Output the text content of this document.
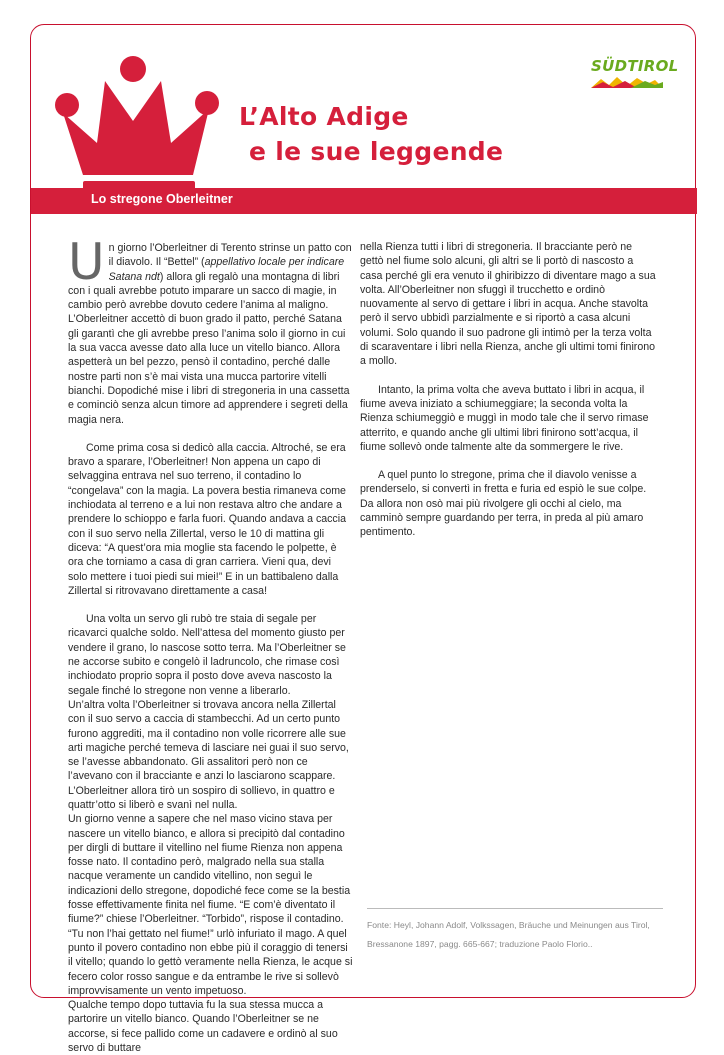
L’Alto Adige
e le sue leggende
SÜDTIROL
Lo stregone Oberleitner

Un giorno l’Oberleitner di Terento strinse un patto con il diavolo. Il “Bettel” (appellativo locale per indicare Satana ndt) allora gli regalò una montagna di libri con i quali avrebbe potuto imparare un sacco di magie, in cambio però avrebbe dovuto cedere l’anima al maligno.

L’Oberleitner accettò di buon grado il patto, perché Satana gli garantì che gli avrebbe preso l’anima solo il giorno in cui la sua vacca avesse dato alla luce un vitello bianco. Allora aspetterà un bel pezzo, pensò il contadino, perché dalle nostre parti non s’è mai vista una mucca partorire vitelli bianchi. Dopodiché mise i libri di stregoneria in una cassetta e cominciò senza alcun timore ad apprendere i segreti della magia nera.

Come prima cosa si dedicò alla caccia. Altroché, se era bravo a sparare, l’Oberleitner! Non appena un capo di selvaggina entrava nel suo terreno, il contadino lo “congelava” con la magia. La povera bestia rimaneva come inchiodata al terreno e a lui non restava altro che andare a prendere lo schioppo e farla fuori. Quando andava a caccia con il suo servo nella Zillertal, verso le 10 di mattina gli diceva: “A quest’ora mia moglie sta facendo le polpette, è ora che torniamo a casa di gran carriera. Vieni qua, devi solo mettere i tuoi piedi sui miei!” E in un battibaleno dalla Zillertal si ritrovavano direttamente a casa!

Una volta un servo gli rubò tre staia di segale per ricavarci qualche soldo. Nell’attesa del momento giusto per vendere il grano, lo nascose sotto terra. Ma l’Oberleitner se ne accorse subito e congelò il ladruncolo, che rimase così inchiodato proprio sopra il posto dove aveva nascosto la segale finché lo stregone non venne a liberarlo.

Un’altra volta l’Oberleitner si trovava ancora nella Zillertal con il suo servo a caccia di stambecchi. Ad un certo punto furono aggrediti, ma il contadino non volle ricorrere alle sue arti magiche perché temeva di lasciare nei guai il suo servo, se l’avesse abbandonato. Gli assalitori però non ce l’avevano con il bracciante e anzi lo lasciarono scappare. L’Oberleitner allora tirò un sospiro di sollievo, in quattro e quattr’otto si liberò e svanì nel nulla.

Un giorno venne a sapere che nel maso vicino stava per nascere un vitello bianco, e allora si precipitò dal contadino per dirgli di buttare il vitellino nel fiume Rienza non appena fosse nato. Il contadino però, malgrado nella sua stalla nacque veramente un candido vitellino, non seguì le indicazioni dello stregone, dopodiché fece come se la bestia fosse effettivamente finita nel fiume. “E com’è diventato il fiume?” chiese l’Oberleitner. “Torbido”, rispose il contadino. “Tu non l’hai gettato nel fiume!” urlò infuriato il mago. A quel punto il povero contadino non ebbe più il coraggio di tenersi il vitello; quando lo gettò veramente nella Rienza, le acque si fecero color rosso sangue e da entrambe le rive si sollevò improvvisamente un vento impetuoso.

Qualche tempo dopo tuttavia fu la sua stessa mucca a partorire un vitello bianco. Quando l’Oberleitner se ne accorse, si fece pallido come un cadavere e ordinò al suo servo di buttare

nella Rienza tutti i libri di stregoneria. Il bracciante però ne gettò nel fiume solo alcuni, gli altri se li portò di nascosto a casa perché gli era venuto il ghiribizzo di diventare mago a sua volta. All’Oberleitner non sfuggì il trucchetto e ordinò nuovamente al servo di gettare i libri in acqua. Anche stavolta però il servo ubbidì parzialmente e si riportò a casa alcuni volumi. Solo quando il suo padrone gli intimò per la terza volta di scaraventare i libri nella Rienza, anche gli ultimi tomi finirono a mollo.

Intanto, la prima volta che aveva buttato i libri in acqua, il fiume aveva iniziato a schiumeggiare; la seconda volta la Rienza schiumeggiò e muggì in modo tale che il servo rimase atterrito, e quando anche gli ultimi libri finirono sott’acqua, il fiume sollevò onde talmente alte da sommergere le rive.

A quel punto lo stregone, prima che il diavolo venisse a prenderselo, si convertì in fretta e furia ed espiò le sue colpe. Da allora non osò mai più rivolgere gli occhi al cielo, ma camminò sempre guardando per terra, in preda al più amaro pentimento.

Fonte: Heyl, Johann Adolf, Volkssagen, Bräuche und Meinungen aus Tirol,
Bressanone 1897, pagg. 665-667; traduzione Paolo Florio..
